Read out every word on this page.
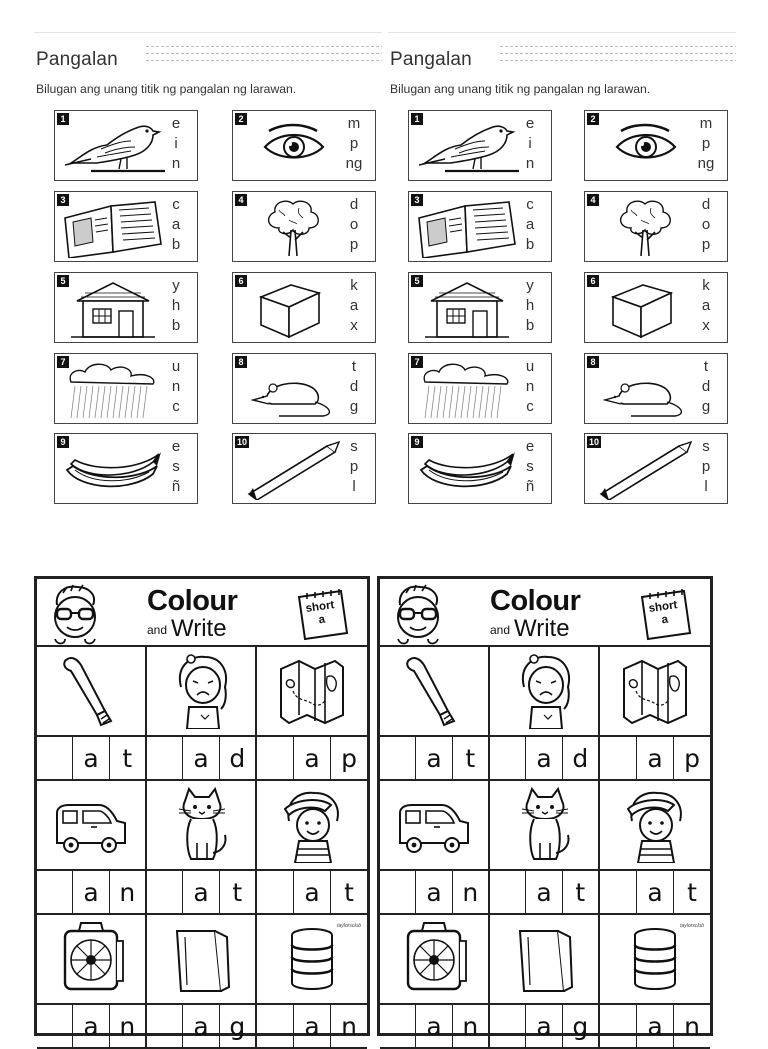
Pangalan
Bilugan ang unang titik ng pangalan ng larawan.
1	e
i
n
2	m
p
ng
3	c
a
b
4	d
o
p
5	y
h
b
6	k
a
x
7	u
n
c
8	t
d
g
9	e
s
ñ
10	s
p
l
Pangalan
Bilugan ang unang titik ng pangalan ng larawan.
1	e
i
n
2	m
p
ng
3	c
a
b
4	d
o
p
5	y
h
b
6	k
a
x
7	u
n
c
8	t
d
g
9	e
s
ñ
10	s
p
l
Colour
and Write
short
a
a t	a d	a p
a n	a t	a t
a n	a g	a n
taylorsclub
Colour
and Write
short
a
a t	a d	a p
a n	a t	a t
a n	a g	a n
taylorsclub
